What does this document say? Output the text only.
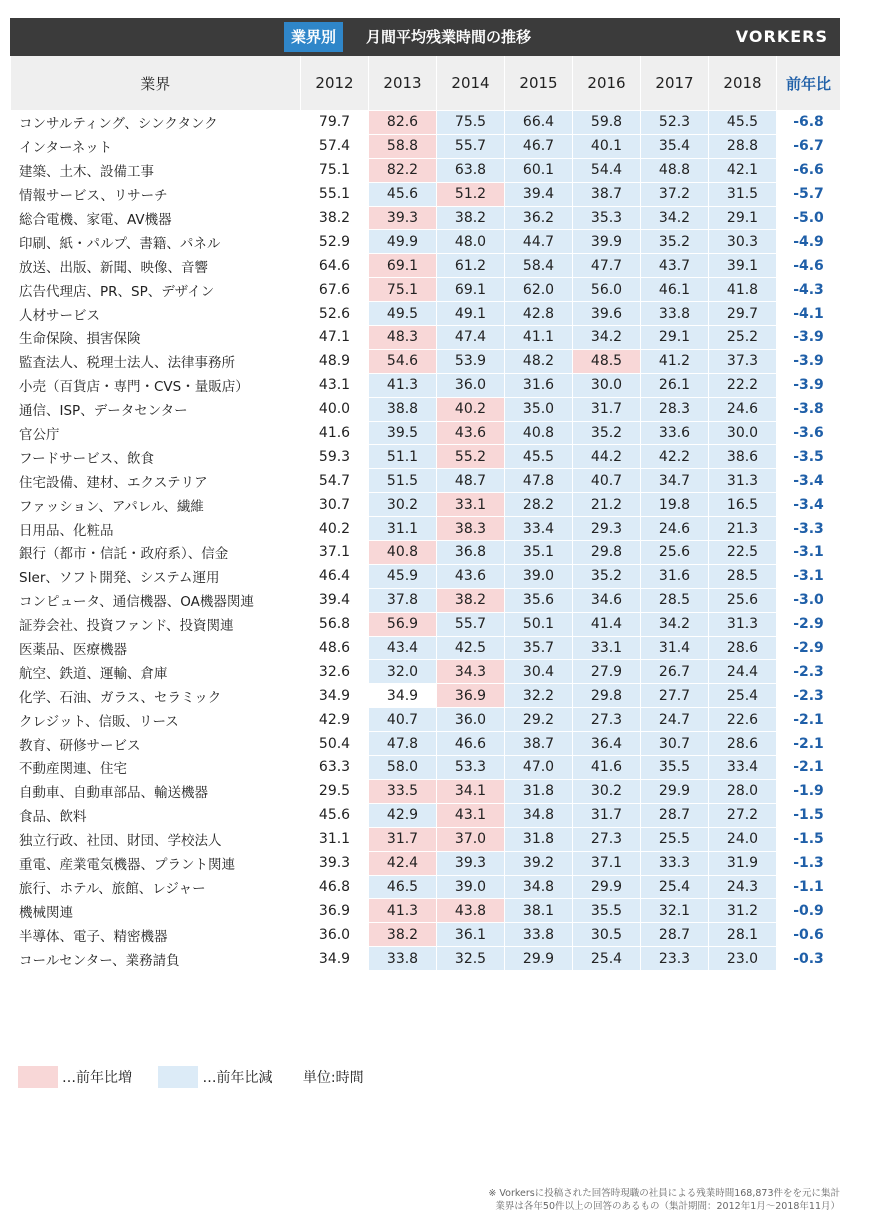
業界別	月間平均残業時間の推移	VORKERS
業界	2012	2013	2014	2015	2016	2017	2018	前年比
コンサルティング、シンクタンク	79.7	82.6	75.5	66.4	59.8	52.3	45.5	-6.8
インターネット	57.4	58.8	55.7	46.7	40.1	35.4	28.8	-6.7
建築、土木、設備工事	75.1	82.2	63.8	60.1	54.4	48.8	42.1	-6.6
情報サービス、リサーチ	55.1	45.6	51.2	39.4	38.7	37.2	31.5	-5.7
総合電機、家電、AV機器	38.2	39.3	38.2	36.2	35.3	34.2	29.1	-5.0
印刷、紙・パルプ、書籍、パネル	52.9	49.9	48.0	44.7	39.9	35.2	30.3	-4.9
放送、出版、新聞、映像、音響	64.6	69.1	61.2	58.4	47.7	43.7	39.1	-4.6
広告代理店、PR、SP、デザイン	67.6	75.1	69.1	62.0	56.0	46.1	41.8	-4.3
人材サービス	52.6	49.5	49.1	42.8	39.6	33.8	29.7	-4.1
生命保険、損害保険	47.1	48.3	47.4	41.1	34.2	29.1	25.2	-3.9
監査法人、税理士法人、法律事務所	48.9	54.6	53.9	48.2	48.5	41.2	37.3	-3.9
小売（百貨店・専門・CVS・量販店）	43.1	41.3	36.0	31.6	30.0	26.1	22.2	-3.9
通信、ISP、データセンター	40.0	38.8	40.2	35.0	31.7	28.3	24.6	-3.8
官公庁	41.6	39.5	43.6	40.8	35.2	33.6	30.0	-3.6
フードサービス、飲食	59.3	51.1	55.2	45.5	44.2	42.2	38.6	-3.5
住宅設備、建材、エクステリア	54.7	51.5	48.7	47.8	40.7	34.7	31.3	-3.4
ファッション、アパレル、繊維	30.7	30.2	33.1	28.2	21.2	19.8	16.5	-3.4
日用品、化粧品	40.2	31.1	38.3	33.4	29.3	24.6	21.3	-3.3
銀行（都市・信託・政府系）、信金	37.1	40.8	36.8	35.1	29.8	25.6	22.5	-3.1
SIer、ソフト開発、システム運用	46.4	45.9	43.6	39.0	35.2	31.6	28.5	-3.1
コンピュータ、通信機器、OA機器関連	39.4	37.8	38.2	35.6	34.6	28.5	25.6	-3.0
証券会社、投資ファンド、投資関連	56.8	56.9	55.7	50.1	41.4	34.2	31.3	-2.9
医薬品、医療機器	48.6	43.4	42.5	35.7	33.1	31.4	28.6	-2.9
航空、鉄道、運輸、倉庫	32.6	32.0	34.3	30.4	27.9	26.7	24.4	-2.3
化学、石油、ガラス、セラミック	34.9	34.9	36.9	32.2	29.8	27.7	25.4	-2.3
クレジット、信販、リース	42.9	40.7	36.0	29.2	27.3	24.7	22.6	-2.1
教育、研修サービス	50.4	47.8	46.6	38.7	36.4	30.7	28.6	-2.1
不動産関連、住宅	63.3	58.0	53.3	47.0	41.6	35.5	33.4	-2.1
自動車、自動車部品、輸送機器	29.5	33.5	34.1	31.8	30.2	29.9	28.0	-1.9
食品、飲料	45.6	42.9	43.1	34.8	31.7	28.7	27.2	-1.5
独立行政、社団、財団、学校法人	31.1	31.7	37.0	31.8	27.3	25.5	24.0	-1.5
重電、産業電気機器、プラント関連	39.3	42.4	39.3	39.2	37.1	33.3	31.9	-1.3
旅行、ホテル、旅館、レジャー	46.8	46.5	39.0	34.8	29.9	25.4	24.3	-1.1
機械関連	36.9	41.3	43.8	38.1	35.5	32.1	31.2	-0.9
半導体、電子、精密機器	36.0	38.2	36.1	33.8	30.5	28.7	28.1	-0.6
コールセンター、業務請負	34.9	33.8	32.5	29.9	25.4	23.3	23.0	-0.3
…前年比増	…前年比減 単位:時間
※ Vorkersに投稿された回答時現職の社員による残業時間168,873件をを元に集計
業界は各年50件以上の回答のあるもの（集計期間：2012年1月〜2018年11月）
